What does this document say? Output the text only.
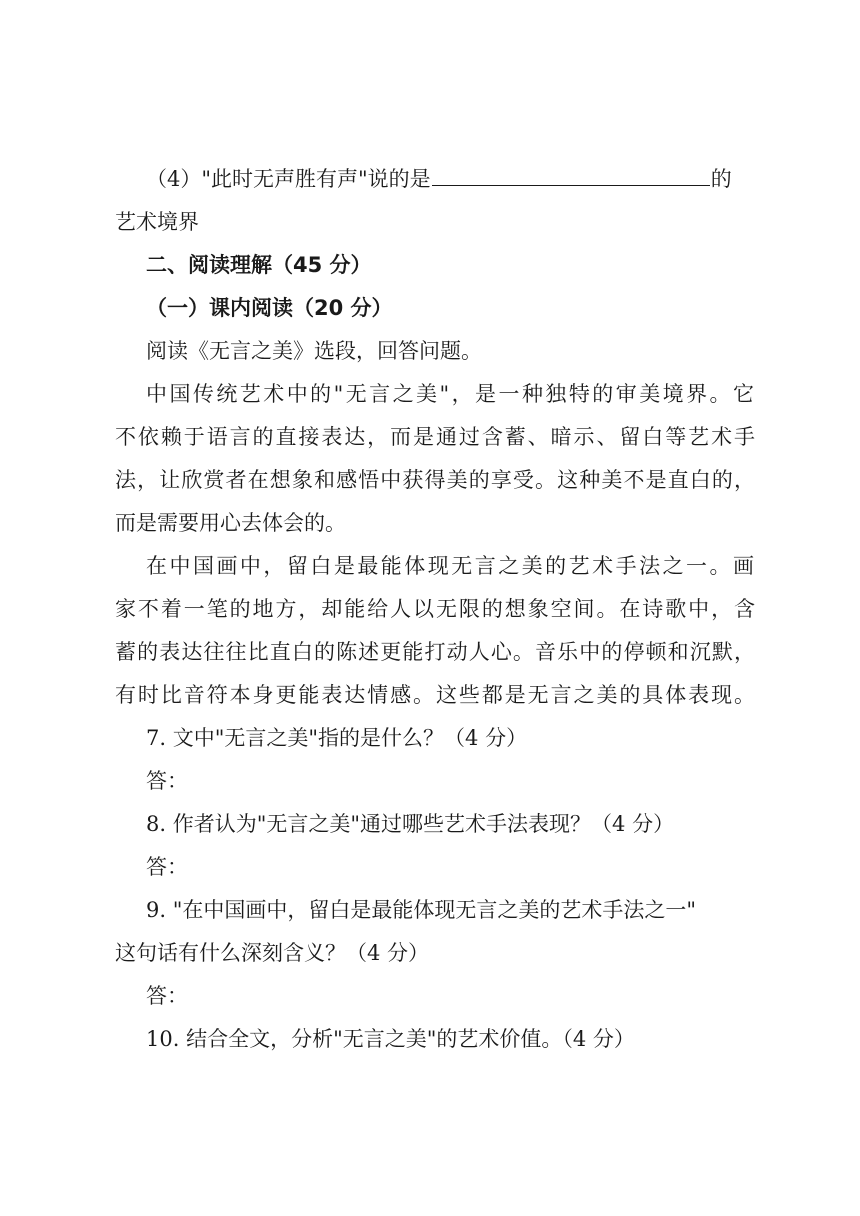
（4）"此时无声胜有声"说的是	的
艺术境界
二、阅读理解（45 分）
（一）课内阅读（20 分）
阅读《无言之美》选段，回答问题。
中国传统艺术中的"无言之美"，是一种独特的审美境界。它
不依赖于语言的直接表达，而是通过含蓄、暗示、留白等艺术手
法，让欣赏者在想象和感悟中获得美的享受。这种美不是直白的，
而是需要用心去体会的。
在中国画中，留白是最能体现无言之美的艺术手法之一。画
家不着一笔的地方，却能给人以无限的想象空间。在诗歌中，含
蓄的表达往往比直白的陈述更能打动人心。音乐中的停顿和沉默，
有时比音符本身更能表达情感。这些都是无言之美的具体表现。
7. 文中"无言之美"指的是什么？（4 分）
答：
8. 作者认为"无言之美"通过哪些艺术手法表现？（4 分）
答：
9. "在中国画中，留白是最能体现无言之美的艺术手法之一"
这句话有什么深刻含义？（4 分）
答：
10. 结合全文，分析"无言之美"的艺术价值。（4 分）
